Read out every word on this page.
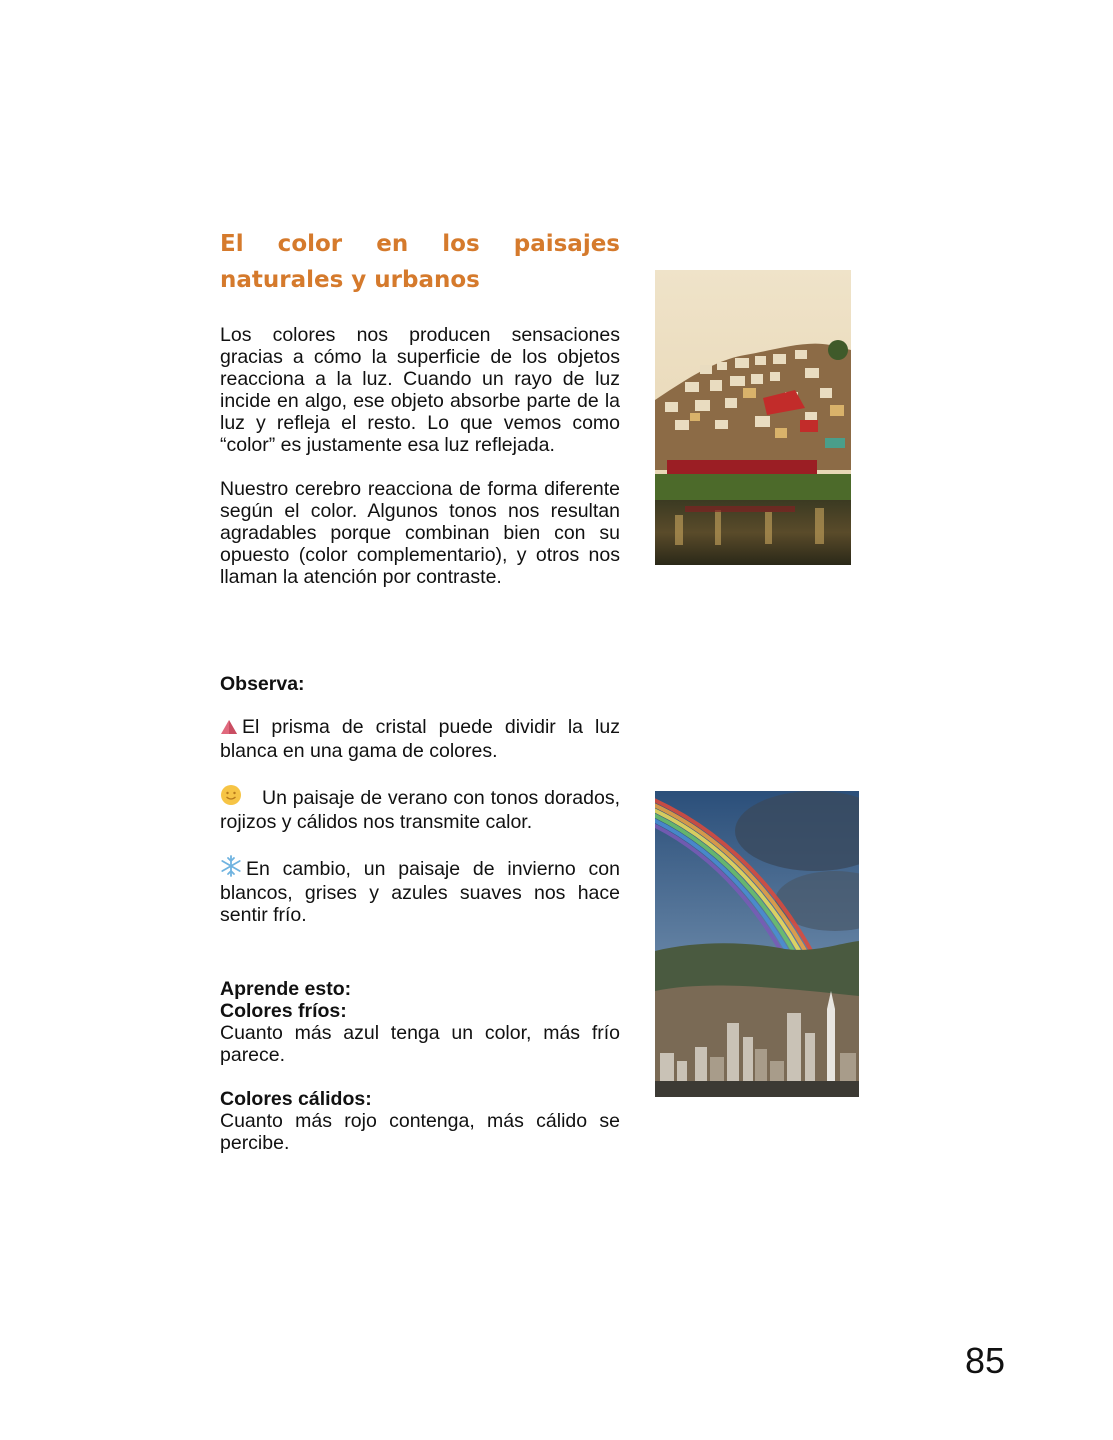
El color en los paisajes naturales y urbanos

Los colores nos producen sensaciones gracias a cómo la superficie de los objetos reacciona a la luz. Cuando un rayo de luz incide en algo, ese objeto absorbe parte de la luz y refleja el resto. Lo que vemos como “color” es justamente esa luz reflejada.

Nuestro cerebro reacciona de forma diferente según el color. Algunos tonos nos resultan agradables porque combinan bien con su opuesto (color complementario), y otros nos llaman la atención por contraste.

Observa:

El prisma de cristal puede dividir la luz blanca en una gama de colores.

Un paisaje de verano con tonos dorados, rojizos y cálidos nos transmite calor.

En cambio, un paisaje de invierno con blancos, grises y azules suaves nos hace sentir frío.

Aprende esto:

Colores fríos:

Cuanto más azul tenga un color, más frío parece.

Colores cálidos:

Cuanto más rojo contenga, más cálido se percibe.

85
